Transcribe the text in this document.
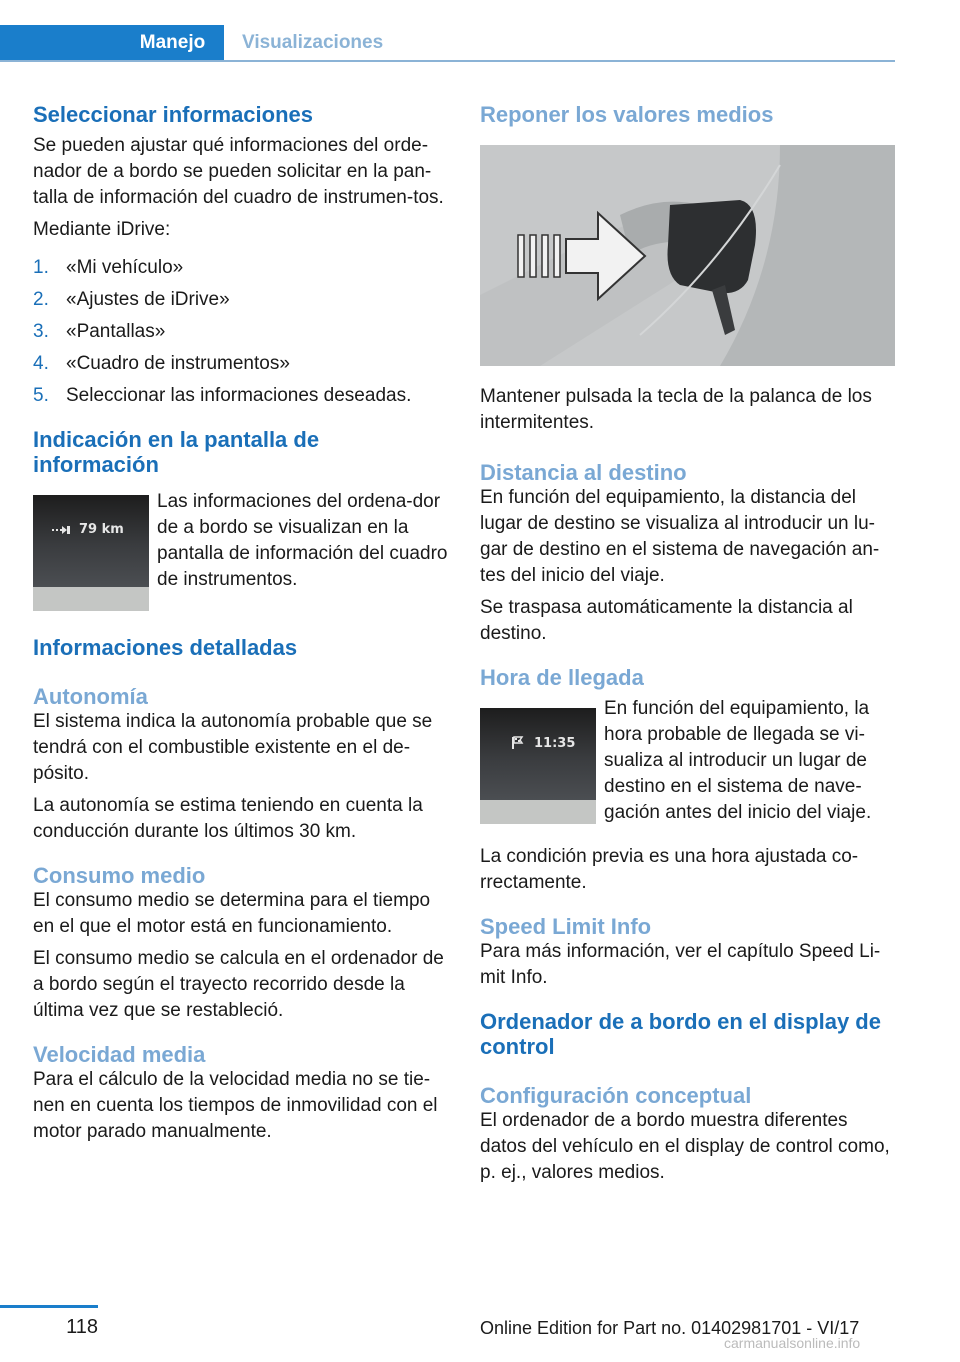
Manejo	Visualizaciones
Seleccionar informaciones

Se pueden ajustar qué informaciones del orde‐nador de a bordo se pueden solicitar en la pan‐talla de información del cuadro de instrumen‐tos.

Mediante iDrive:

1. «Mi vehículo»
2. «Ajustes de iDrive»
3. «Pantallas»
4. «Cuadro de instrumentos»
5. Seleccionar las informaciones deseadas.
Indicación en la pantalla de información
79 km

Las informaciones del ordena‐dor de a bordo se visualizan en la pantalla de información del cuadro de instrumentos.

Informaciones detalladas
Autonomía

El sistema indica la autonomía probable que se tendrá con el combustible existente en el de‐pósito.

La autonomía se estima teniendo en cuenta la conducción durante los últimos 30 km.

Consumo medio

El consumo medio se determina para el tiempo en el que el motor está en funcionamiento.

El consumo medio se calcula en el ordenador de a bordo según el trayecto recorrido desde la última vez que se restableció.

Velocidad media

Para el cálculo de la velocidad media no se tie‐nen en cuenta los tiempos de inmovilidad con el motor parado manualmente.

Reponer los valores medios

Mantener pulsada la tecla de la palanca de los intermitentes.

Distancia al destino

En función del equipamiento, la distancia del lugar de destino se visualiza al introducir un lu‐gar de destino en el sistema de navegación an‐tes del inicio del viaje.

Se traspasa automáticamente la distancia al destino.

Hora de llegada
11:35

En función del equipamiento, la hora probable de llegada se vi‐sualiza al introducir un lugar de destino en el sistema de nave‐gación antes del inicio del viaje.

La condición previa es una hora ajustada co‐rrectamente.

Speed Limit Info

Para más información, ver el capítulo Speed Li‐mit Info.

Ordenador de a bordo en el display de control
Configuración conceptual

El ordenador de a bordo muestra diferentes datos del vehículo en el display de control como, p. ej., valores medios.

118	Online Edition for Part no. 01402981701 - VI/17
carmanualsonline.info
